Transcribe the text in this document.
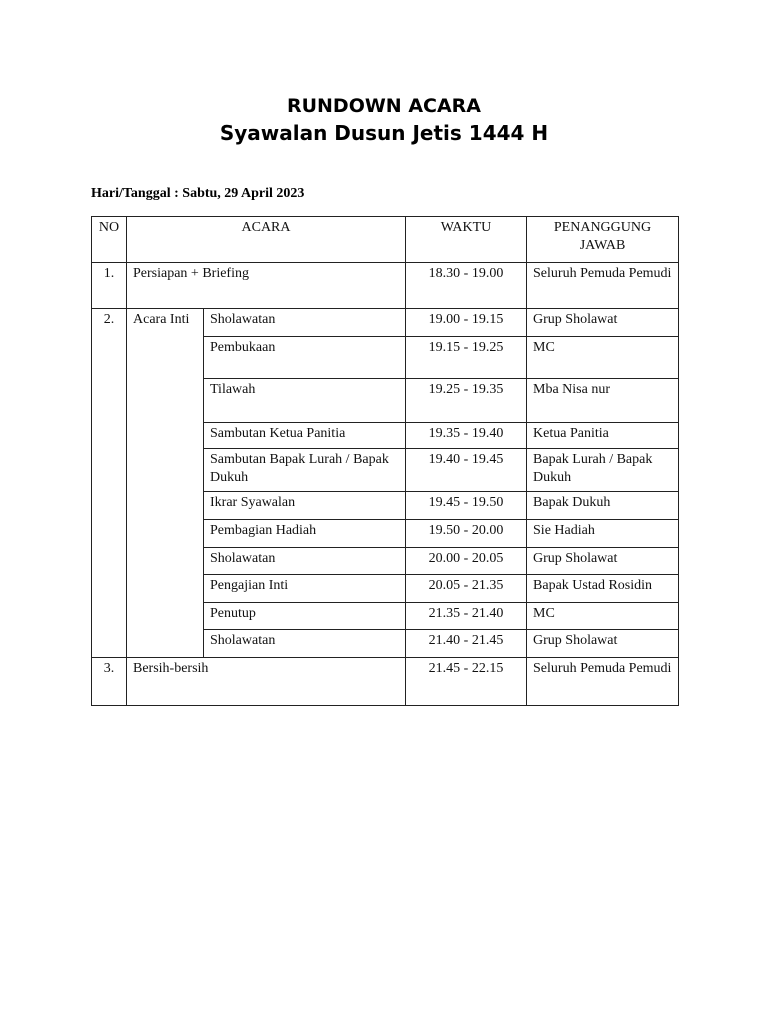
RUNDOWN ACARA
Syawalan Dusun Jetis 1444 H
Hari/Tanggal : Sabtu, 29 April 2023
NO	ACARA		WAKTU	PENANGGUNG JAWAB
1.	Persiapan + Briefing		18.30 - 19.00	Seluruh Pemuda Pemudi
2.	Acara Inti	Sholawatan	19.00 - 19.15	Grup Sholawat
		Pembukaan	19.15 - 19.25	MC
		Tilawah	19.25 - 19.35	Mba Nisa nur
		Sambutan Ketua Panitia	19.35 - 19.40	Ketua Panitia
		Sambutan Bapak Lurah / Bapak Dukuh	19.40 - 19.45	Bapak Lurah / Bapak Dukuh
		Ikrar Syawalan	19.45 - 19.50	Bapak Dukuh
		Pembagian Hadiah	19.50 - 20.00	Sie Hadiah
		Sholawatan	20.00 - 20.05	Grup Sholawat
		Pengajian Inti	20.05 - 21.35	Bapak Ustad Rosidin
		Penutup	21.35 - 21.40	MC
		Sholawatan	21.40 - 21.45	Grup Sholawat
3.	Bersih-bersih		21.45 - 22.15	Seluruh Pemuda Pemudi
